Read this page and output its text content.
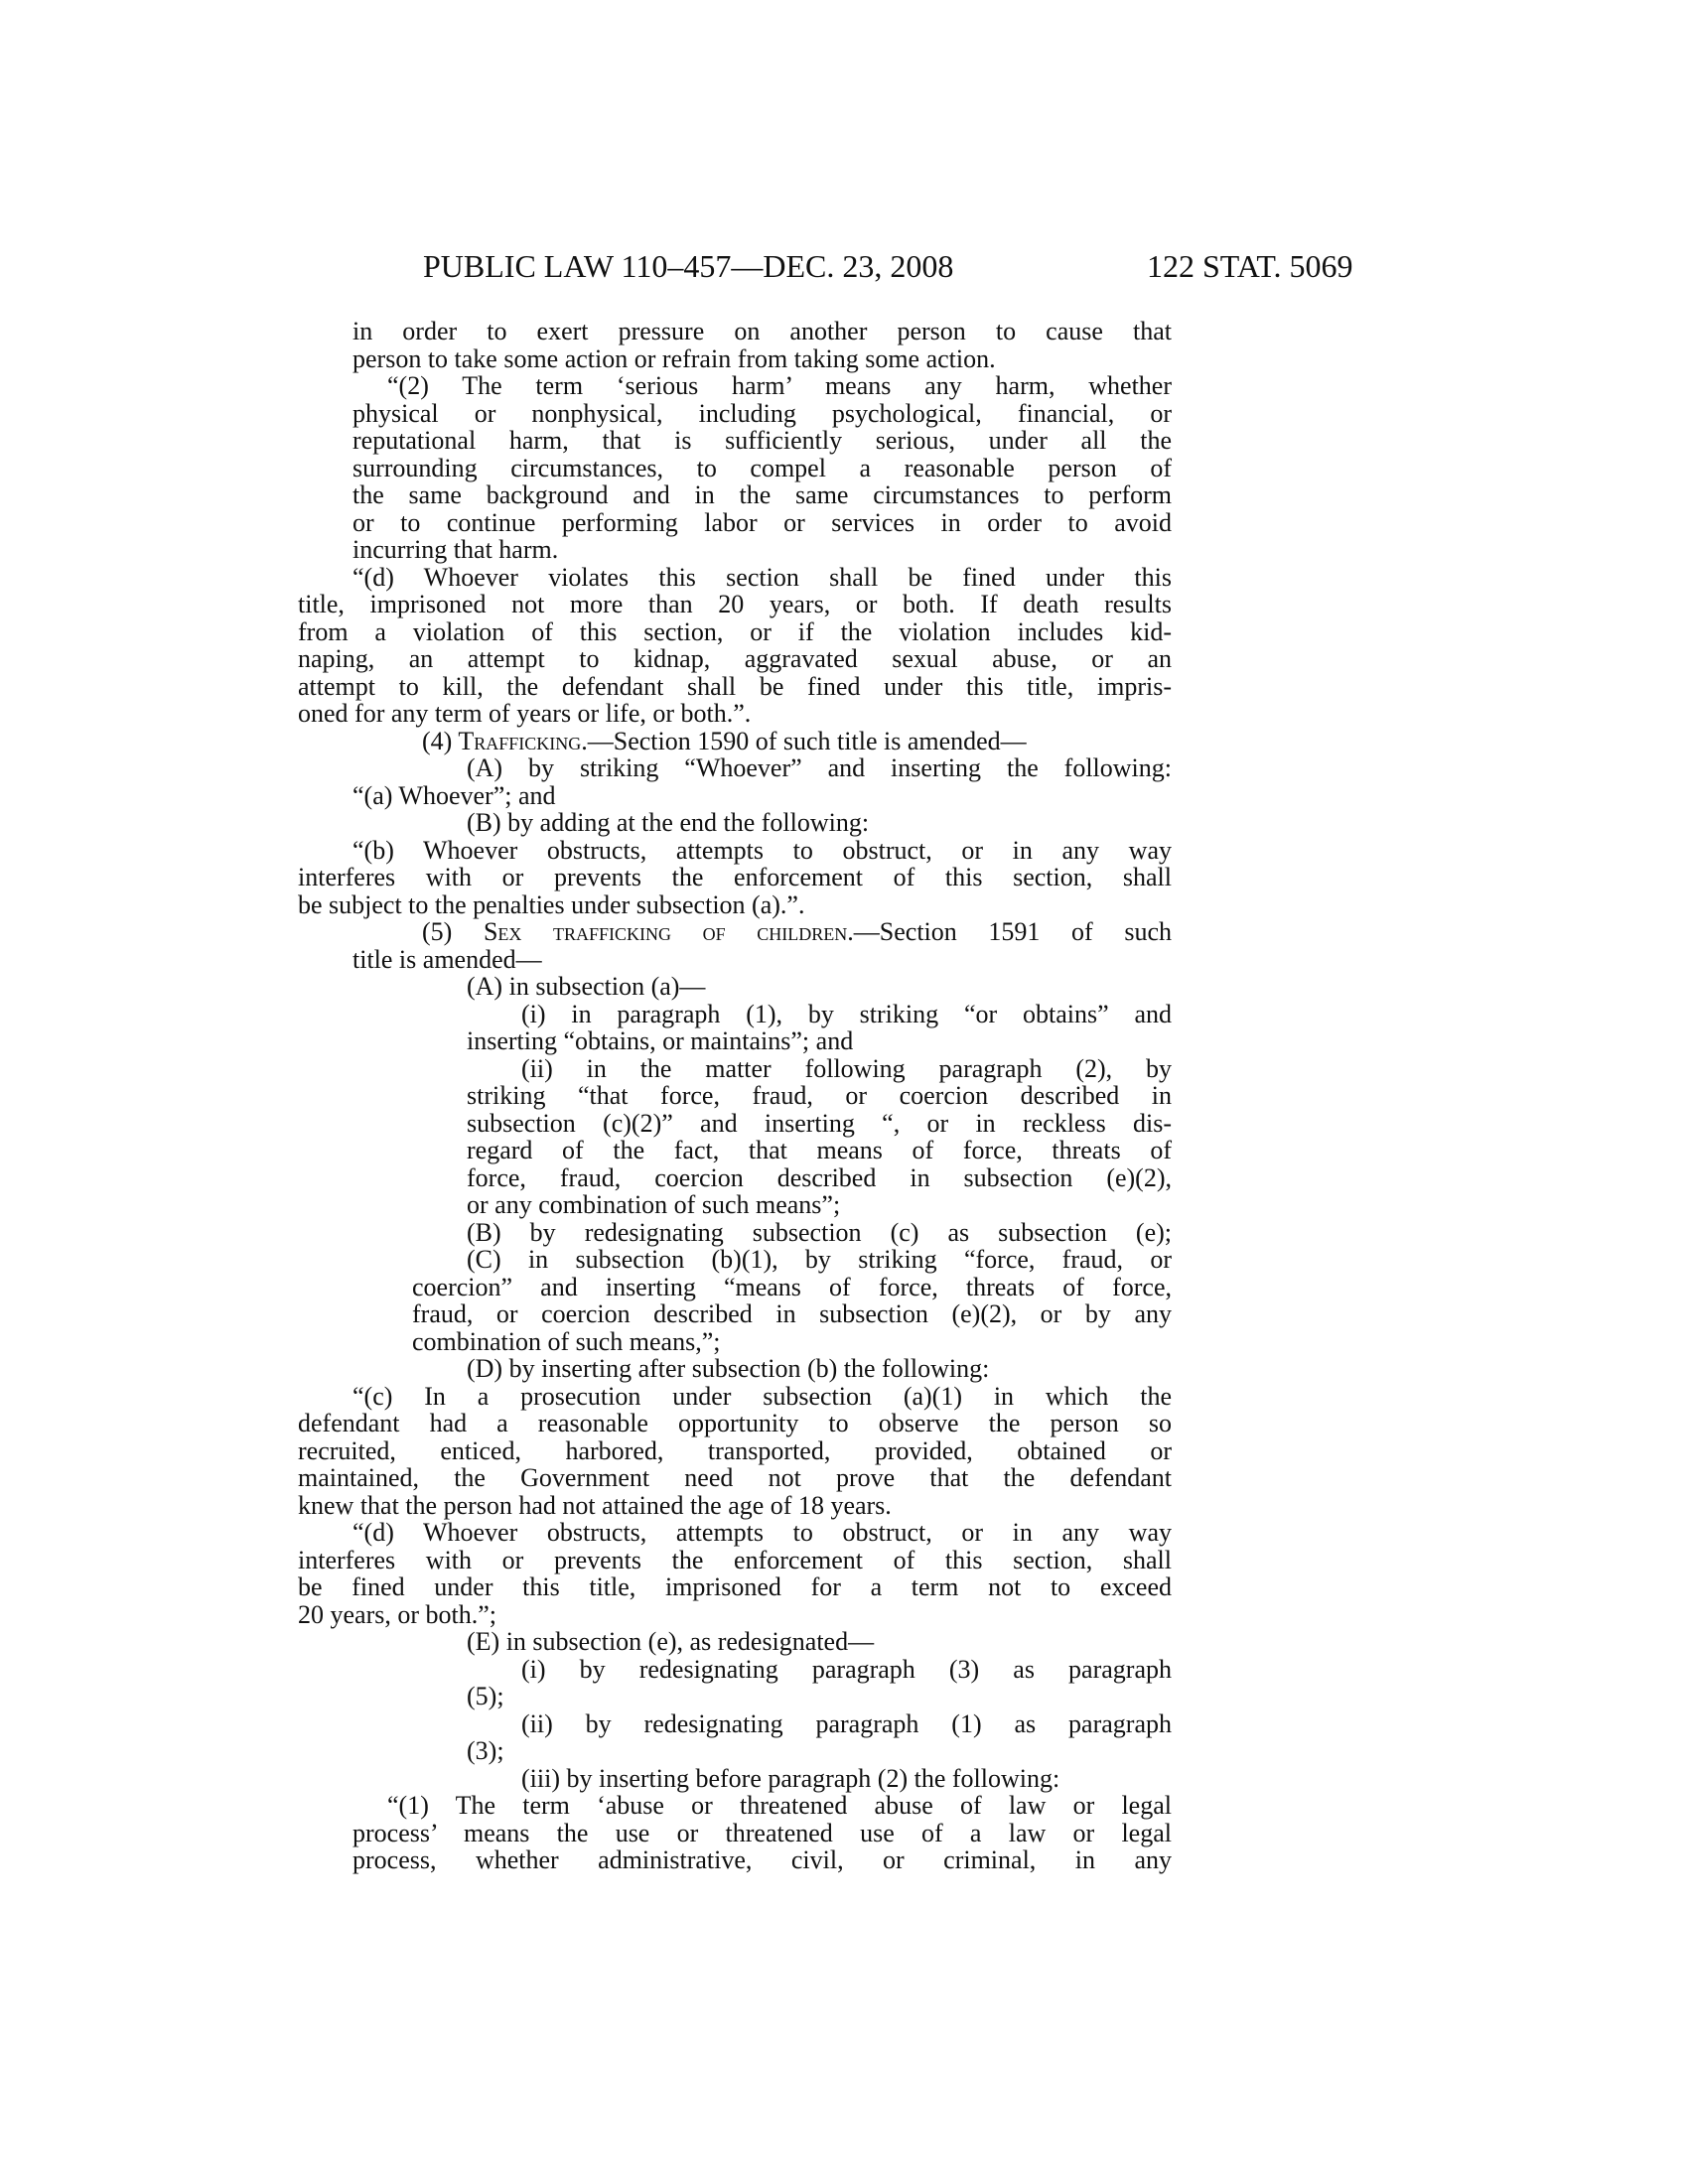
PUBLIC LAW 110–457—DEC. 23, 2008	122 STAT. 5069
in order to exert pressure on another person to cause that
person to take some action or refrain from taking some action.
“(2) The term ‘serious harm’ means any harm, whether
physical or nonphysical, including psychological, financial, or
reputational harm, that is sufficiently serious, under all the
surrounding circumstances, to compel a reasonable person of
the same background and in the same circumstances to perform
or to continue performing labor or services in order to avoid
incurring that harm.
“(d) Whoever violates this section shall be fined under this
title, imprisoned not more than 20 years, or both. If death results
from a violation of this section, or if the violation includes kid-
naping, an attempt to kidnap, aggravated sexual abuse, or an
attempt to kill, the defendant shall be fined under this title, impris-
oned for any term of years or life, or both.”.
(4) Trafficking.—Section 1590 of such title is amended—
(A) by striking “Whoever” and inserting the following:
“(a) Whoever”; and
(B) by adding at the end the following:
“(b) Whoever obstructs, attempts to obstruct, or in any way
interferes with or prevents the enforcement of this section, shall
be subject to the penalties under subsection (a).”.
(5) Sex trafficking of children.—Section 1591 of such
title is amended—
(A) in subsection (a)—
(i) in paragraph (1), by striking “or obtains” and
inserting “obtains, or maintains”; and
(ii) in the matter following paragraph (2), by
striking “that force, fraud, or coercion described in
subsection (c)(2)” and inserting “, or in reckless dis-
regard of the fact, that means of force, threats of
force, fraud, coercion described in subsection (e)(2),
or any combination of such means”;
(B) by redesignating subsection (c) as subsection (e);
(C) in subsection (b)(1), by striking “force, fraud, or
coercion” and inserting “means of force, threats of force,
fraud, or coercion described in subsection (e)(2), or by any
combination of such means,”;
(D) by inserting after subsection (b) the following:
“(c) In a prosecution under subsection (a)(1) in which the
defendant had a reasonable opportunity to observe the person so
recruited, enticed, harbored, transported, provided, obtained or
maintained, the Government need not prove that the defendant
knew that the person had not attained the age of 18 years.
“(d) Whoever obstructs, attempts to obstruct, or in any way
interferes with or prevents the enforcement of this section, shall
be fined under this title, imprisoned for a term not to exceed
20 years, or both.”;
(E) in subsection (e), as redesignated—
(i) by redesignating paragraph (3) as paragraph
(5);
(ii) by redesignating paragraph (1) as paragraph
(3);
(iii) by inserting before paragraph (2) the following:
“(1) The term ‘abuse or threatened abuse of law or legal
process’ means the use or threatened use of a law or legal
process, whether administrative, civil, or criminal, in any
